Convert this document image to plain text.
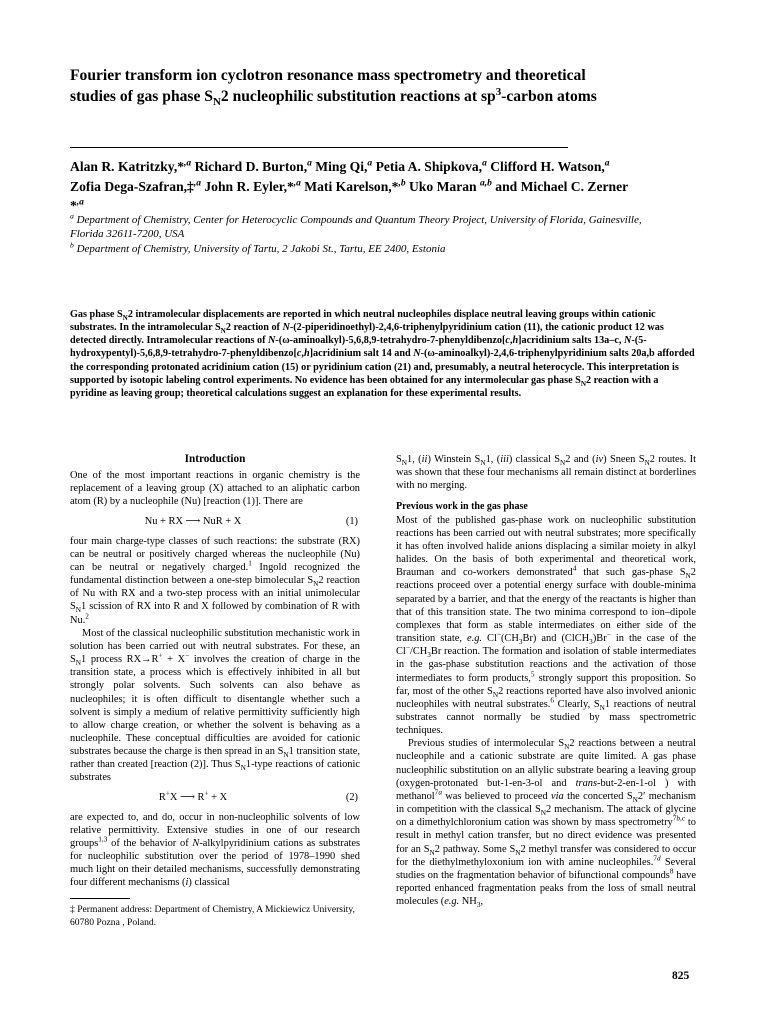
Fourier transform ion cyclotron resonance mass spectrometry and theoretical studies of gas phase $S_N2$ nucleophilic substitution reactions at $sp^3$-carbon atoms
Alan R. Katritzky,*$^{,a}$ Richard D. Burton,$^a$ Ming Qi,$^a$ Petia A. Shipkova,$^a$ Clifford H. Watson,$^a$ Zofia Dega-Szafran,‡$^{,a}$ John R. Eyler,*$^{,a}$ Mati Karelson,*$^{,b}$ Uko Maran $^{a,b}$ and Michael C. Zerner *$^{,a}$
$^a$ Department of Chemistry, Center for Heterocyclic Compounds and Quantum Theory Project, University of Florida, Gainesville, Florida 32611-7200, USA
$^b$ Department of Chemistry, University of Tartu, 2 Jakobi St., Tartu, EE 2400, Estonia
Gas phase $S_N2$ intramolecular displacements are reported in which neutral nucleophiles displace neutral leaving groups within cationic substrates. In the intramolecular $S_N2$ reaction of N-(2-piperidinoethyl)-2,4,6-triphenylpyridinium cation (11), the cationic product 12 was detected directly. Intramolecular reactions of N-(ω-aminoalkyl)-5,6,8,9-tetrahydro-7-phenyldibenzo[c,h]acridinium salts 13a–c, N-(5-hydroxypentyl)-5,6,8,9-tetrahydro-7-phenyldibenzo[c,h]acridinium salt 14 and N-(ω-aminoalkyl)-2,4,6-triphenylpyridinium salts 20a,b afforded the corresponding protonated acridinium cation (15) or pyridinium cation (21) and, presumably, a neutral heterocycle. This interpretation is supported by isotopic labeling control experiments. No evidence has been obtained for any intermolecular gas phase $S_N2$ reaction with a pyridine as leaving group; theoretical calculations suggest an explanation for these experimental results.
Introduction

One of the most important reactions in organic chemistry is the replacement of a leaving group (X) attached to an aliphatic carbon atom (R) by a nucleophile (Nu) [reaction (1)]. There are

Nu + RX ⟶ NuR + X	(1)

four main charge-type classes of such reactions: the substrate (RX) can be neutral or positively charged whereas the nucleophile (Nu) can be neutral or negatively charged.$^1$ Ingold recognized the fundamental distinction between a one-step bimolecular $S_N2$ reaction of Nu with RX and a two-step process with an initial unimolecular $S_N1$ scission of RX into R and X followed by combination of R with Nu.$^2$

Most of the classical nucleophilic substitution mechanistic work in solution has been carried out with neutral substrates. For these, an $S_N1$ process RX→R+ + X− involves the creation of charge in the transition state, a process which is effectively inhibited in all but strongly polar solvents. Such solvents can also behave as nucleophiles; it is often difficult to disentangle whether such a solvent is simply a medium of relative permittivity sufficiently high to allow charge creation, or whether the solvent is behaving as a nucleophile. These conceptual difficulties are avoided for cationic substrates because the charge is then spread in an $S_N1$ transition state, rather than created [reaction (2)]. Thus $S_N1$-type reactions of cationic substrates

R+X ⟶ R+ + X	(2)

are expected to, and do, occur in non-nucleophilic solvents of low relative permittivity. Extensive studies in one of our research groups$^{1,3}$ of the behavior of N-alkylpyridinium cations as substrates for nucleophilic substitution over the period of 1978–1990 shed much light on their detailed mechanisms, successfully demonstrating four different mechanisms (i) classical

$S_N1$, (ii) Winstein $S_N1$, (iii) classical $S_N2$ and (iv) Sneen $S_N2$ routes. It was shown that these four mechanisms all remain distinct at borderlines with no merging.

Previous work in the gas phase

Most of the published gas-phase work on nucleophilic substitution reactions has been carried out with neutral substrates; more specifically it has often involved halide anions displacing a similar moiety in alkyl halides. On the basis of both experimental and theoretical work, Brauman and co-workers demonstrated$^4$ that such gas-phase $S_N2$ reactions proceed over a potential energy surface with double-minima separated by a barrier, and that the energy of the reactants is higher than that of this transition state. The two minima correspond to ion–dipole complexes that form as stable intermediates on either side of the transition state, e.g. $Cl^-(CH_3Br)$ and (ClCH$_3$)Br− in the case of the $Cl^-/CH_3Br$ reaction. The formation and isolation of stable intermediates in the gas-phase substitution reactions and the activation of those intermediates to form products,$^5$ strongly support this proposition. So far, most of the other $S_N2$ reactions reported have also involved anionic nucleophiles with neutral substrates.$^6$ Clearly, $S_N1$ reactions of neutral substrates cannot normally be studied by mass spectrometric techniques.

Previous studies of intermolecular $S_N2$ reactions between a neutral nucleophile and a cationic substrate are quite limited. A gas phase nucleophilic substitution on an allylic substrate bearing a leaving group (oxygen-protonated but-1-en-3-ol and trans-but-2-en-1-ol ) with methanol$^{7a}$ was believed to proceed via the concerted $S_N2'$ mechanism in competition with the classical $S_N2$ mechanism. The attack of glycine on a dimethylchloronium cation was shown by mass spectrometry$^{7b,c}$ to result in methyl cation transfer, but no direct evidence was presented for an $S_N2$ pathway. Some $S_N2$ methyl transfer was considered to occur for the diethylmethyloxonium ion with amine nucleophiles.$^{7d}$ Several studies on the fragmentation behavior of bifunctional compounds$^8$ have reported enhanced fragmentation peaks from the loss of small neutral molecules (e.g. $NH_3$,

‡ Permanent address: Department of Chemistry, A Mickiewicz University, 60780 Pozna , Poland.
825
